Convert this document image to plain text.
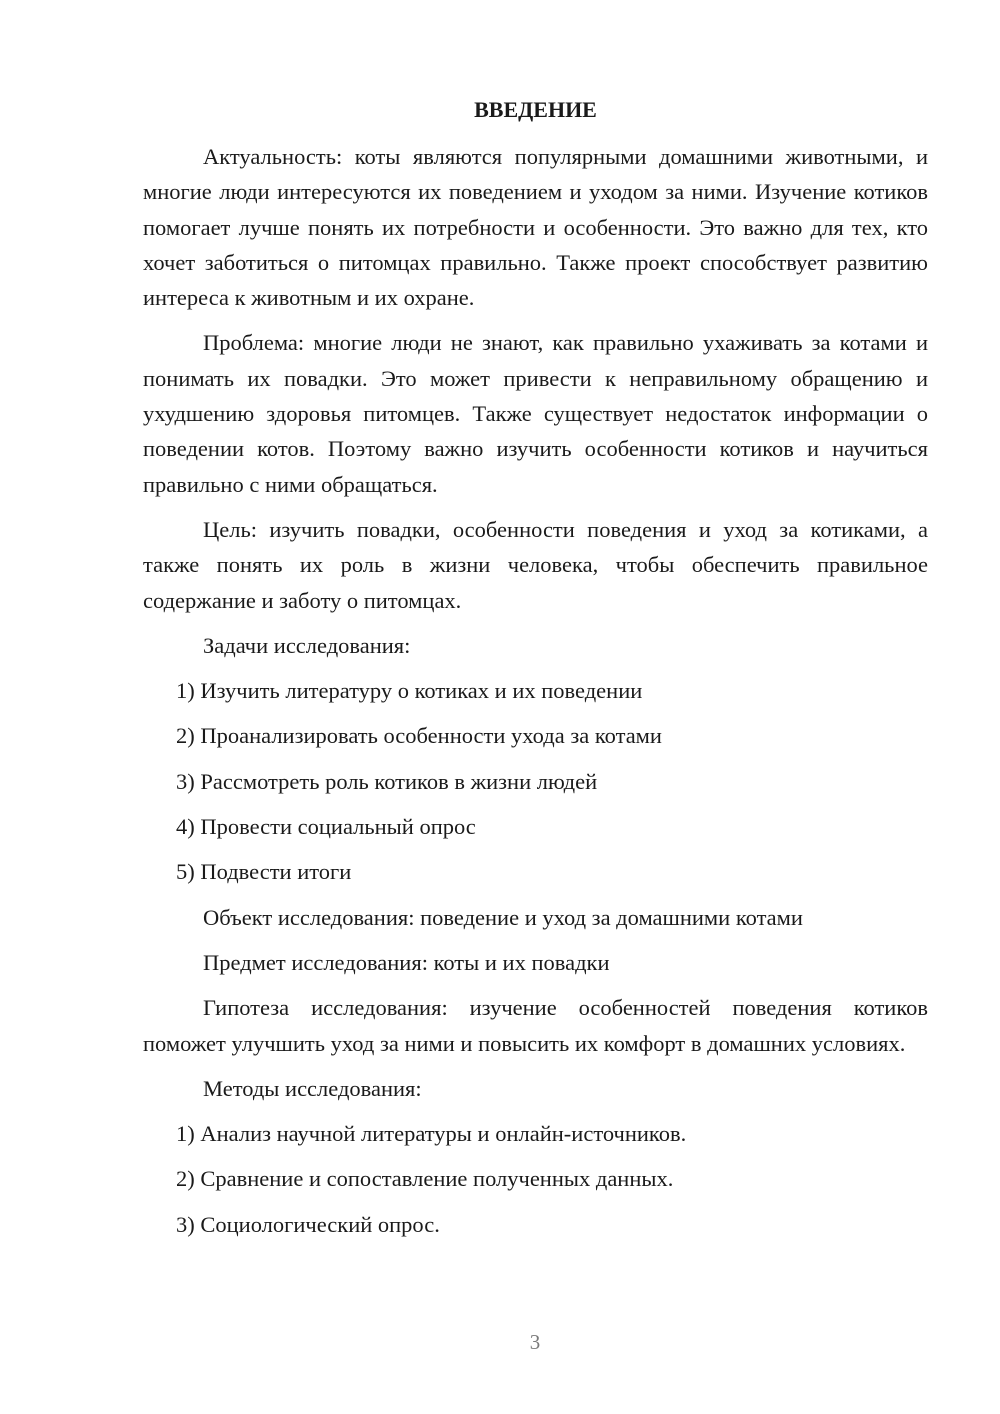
ВВЕДЕНИЕ

Актуальность: коты являются популярными домашними животными, и многие люди интересуются их поведением и уходом за ними. Изучение котиков помогает лучше понять их потребности и особенности. Это важно для тех, кто хочет заботиться о питомцах правильно. Также проект способствует развитию интереса к животным и их охране.

Проблема: многие люди не знают, как правильно ухаживать за котами и понимать их повадки. Это может привести к неправильному обращению и ухудшению здоровья питомцев. Также существует недостаток информации о поведении котов. Поэтому важно изучить особенности котиков и научиться правильно с ними обращаться.

Цель: изучить повадки, особенности поведения и уход за котиками, а также понять их роль в жизни человека, чтобы обеспечить правильное содержание и заботу о питомцах.

Задачи исследования:
1) Изучить литературу о котиках и их поведении
2) Проанализировать особенности ухода за котами
3) Рассмотреть роль котиков в жизни людей
4) Провести социальный опрос
5) Подвести итоги
Объект исследования: поведение и уход за домашними котами
Предмет исследования: коты и их повадки

Гипотеза исследования: изучение особенностей поведения котиков поможет улучшить уход за ними и повысить их комфорт в домашних условиях.

Методы исследования:
1) Анализ научной литературы и онлайн-источников.
2) Сравнение и сопоставление полученных данных.
3) Социологический опрос.
3
